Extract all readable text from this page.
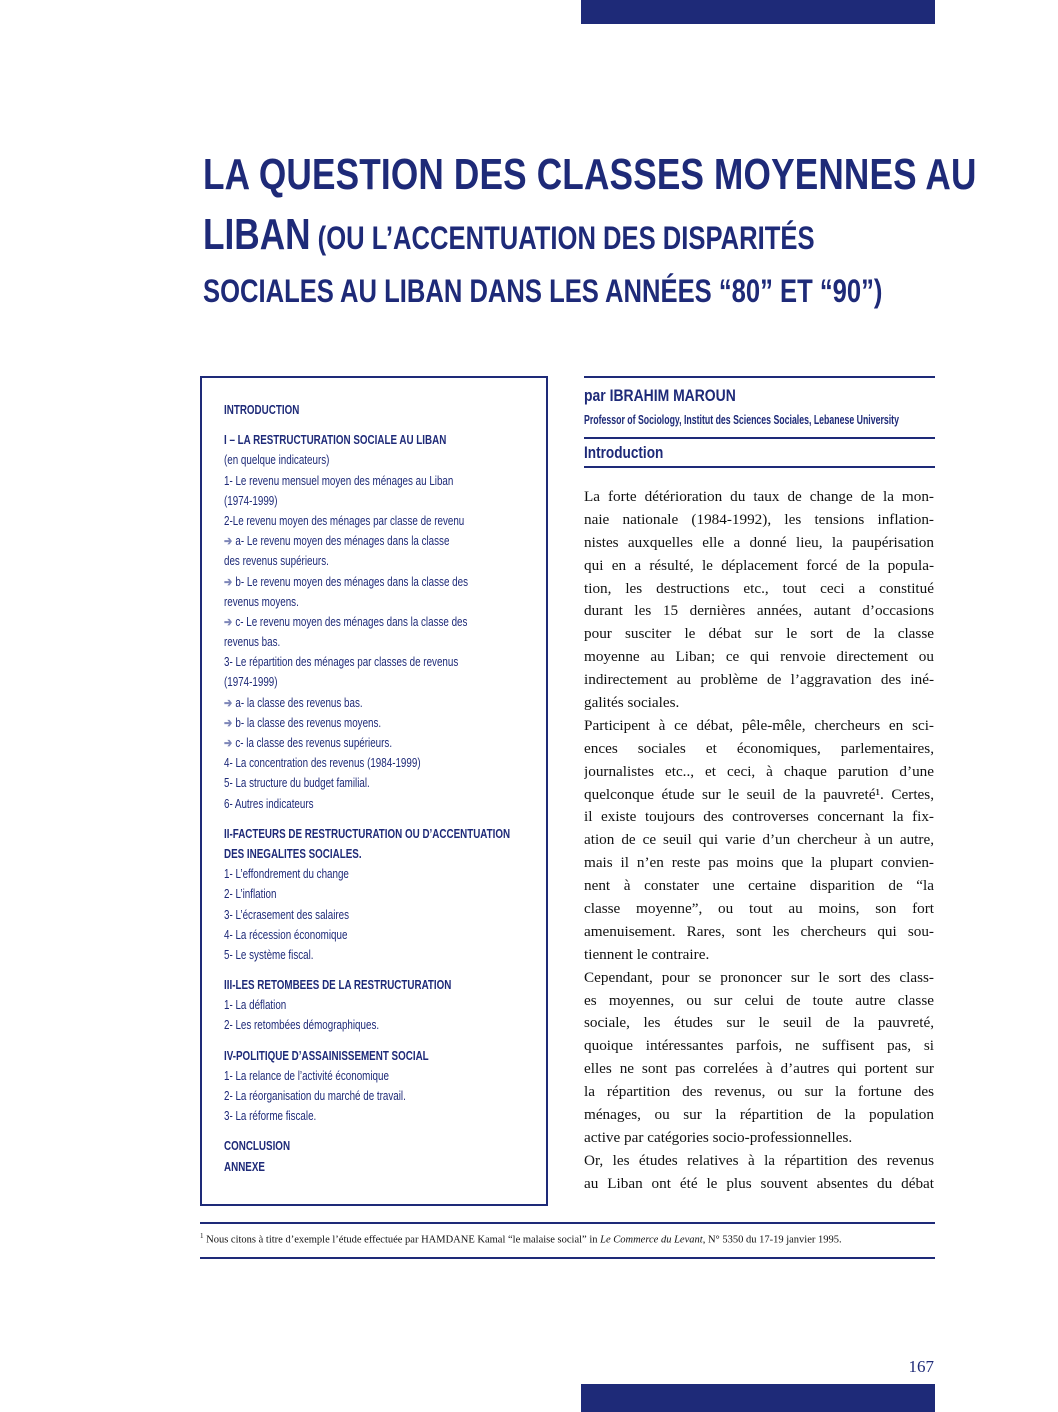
LA QUESTION DES CLASSES MOYENNES AU
LIBAN (OU L’ACCENTUATION DES DISPARITÉS
SOCIALES AU LIBAN DANS LES ANNÉES “80” ET “90”)
INTRODUCTION
I – LA RESTRUCTURATION SOCIALE AU LIBAN
(en quelque indicateurs)
1- Le revenu mensuel moyen des ménages au Liban
(1974-1999)
2-Le revenu moyen des ménages par classe de revenu
➔ a- Le revenu moyen des ménages dans la classe
des revenus supérieurs.
➔ b- Le revenu moyen des ménages dans la classe des
revenus moyens.
➔ c- Le revenu moyen des ménages dans la classe des
revenus bas.
3- Le répartition des ménages par classes de revenus
(1974-1999)
➔ a- la classe des revenus bas.
➔ b- la classe des revenus moyens.
➔ c- la classe des revenus supérieurs.
4- La concentration des revenus (1984-1999)
5- La structure du budget familial.
6- Autres indicateurs
II-FACTEURS DE RESTRUCTURATION OU D’ACCENTUATION
DES INEGALITES SOCIALES.
1- L’effondrement du change
2- L’inflation
3- L’écrasement des salaires
4- La récession économique
5- Le système fiscal.
III-LES RETOMBEES DE LA RESTRUCTURATION
1- La déflation
2- Les retombées démographiques.
IV-POLITIQUE D’ASSAINISSEMENT SOCIAL
1- La relance de l’activité économique
2- La réorganisation du marché de travail.
3- La réforme fiscale.
CONCLUSION
ANNEXE
par IBRAHIM MAROUN
Professor of Sociology, Institut des Sciences Sociales, Lebanese University
Introduction
La forte détérioration du taux de change de la mon-
naie nationale (1984-1992), les tensions inflation-
nistes auxquelles elle a donné lieu, la paupérisation
qui en a résulté, le déplacement forcé de la popula-
tion, les destructions etc., tout ceci a constitué
durant les 15 dernières années, autant d’occasions
pour susciter le débat sur le sort de la classe
moyenne au Liban; ce qui renvoie directement ou
indirectement au problème de l’aggravation des iné-
galités sociales.
Participent à ce débat, pêle-mêle, chercheurs en sci-
ences sociales et économiques, parlementaires,
journalistes etc.., et ceci, à chaque parution d’une
quelconque étude sur le seuil de la pauvreté¹. Certes,
il existe toujours des controverses concernant la fix-
ation de ce seuil qui varie d’un chercheur à un autre,
mais il n’en reste pas moins que la plupart convien-
nent à constater une certaine disparition de “la
classe moyenne”, ou tout au moins, son fort
amenuisement. Rares, sont les chercheurs qui sou-
tiennent le contraire.
Cependant, pour se prononcer sur le sort des class-
es moyennes, ou sur celui de toute autre classe
sociale, les études sur le seuil de la pauvreté,
quoique intéressantes parfois, ne suffisent pas, si
elles ne sont pas correlées à d’autres qui portent sur
la répartition des revenus, ou sur la fortune des
ménages, ou sur la répartition de la population
active par catégories socio-professionnelles.
Or, les études relatives à la répartition des revenus
au Liban ont été le plus souvent absentes du débat
$^1$ Nous citons à titre d’exemple l’étude effectuée par HAMDANE Kamal “le malaise social” in Le Commerce du Levant, N° 5350 du 17-19 janvier 1995.
167
